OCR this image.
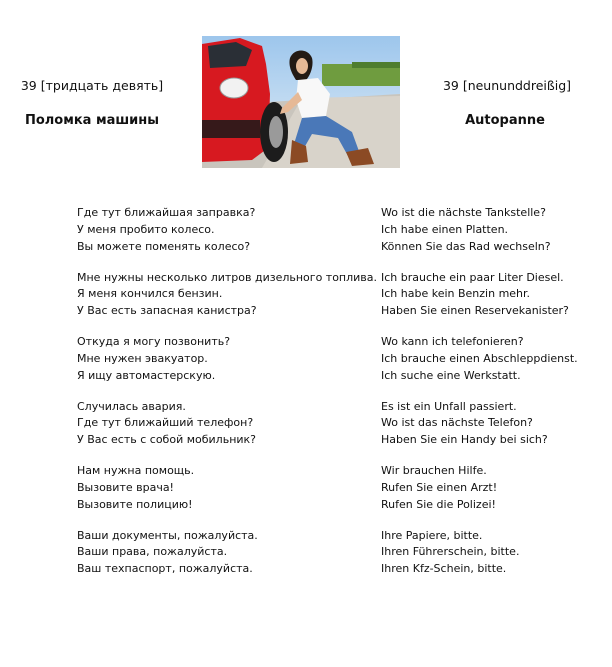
39 [тридцать девять]
Поломка машины
39 [neununddreißig]
Autopanne
Где тут ближайшая заправка?
У меня пробито колесо.
Вы можете поменять колесо?
Wo ist die nächste Tankstelle?
Ich habe einen Platten.
Können Sie das Rad wechseln?
Мне нужны несколько литров дизельного топлива.
Я меня кончился бензин.
У Вас есть запасная канистра?
Ich brauche ein paar Liter Diesel.
Ich habe kein Benzin mehr.
Haben Sie einen Reservekanister?
Откуда я могу позвонить?
Мне нужен эвакуатор.
Я ищу автомастерскую.
Wo kann ich telefonieren?
Ich brauche einen Abschleppdienst.
Ich suche eine Werkstatt.
Случилась авария.
Где тут ближайший телефон?
У Вас есть с собой мобильник?
Es ist ein Unfall passiert.
Wo ist das nächste Telefon?
Haben Sie ein Handy bei sich?
Нам нужна помощь.
Вызовите врача!
Вызовите полицию!
Wir brauchen Hilfe.
Rufen Sie einen Arzt!
Rufen Sie die Polizei!
Ваши документы, пожалуйста.
Ваши права, пожалуйста.
Ваш техпаспорт, пожалуйста.
Ihre Papiere, bitte.
Ihren Führerschein, bitte.
Ihren Kfz-Schein, bitte.
